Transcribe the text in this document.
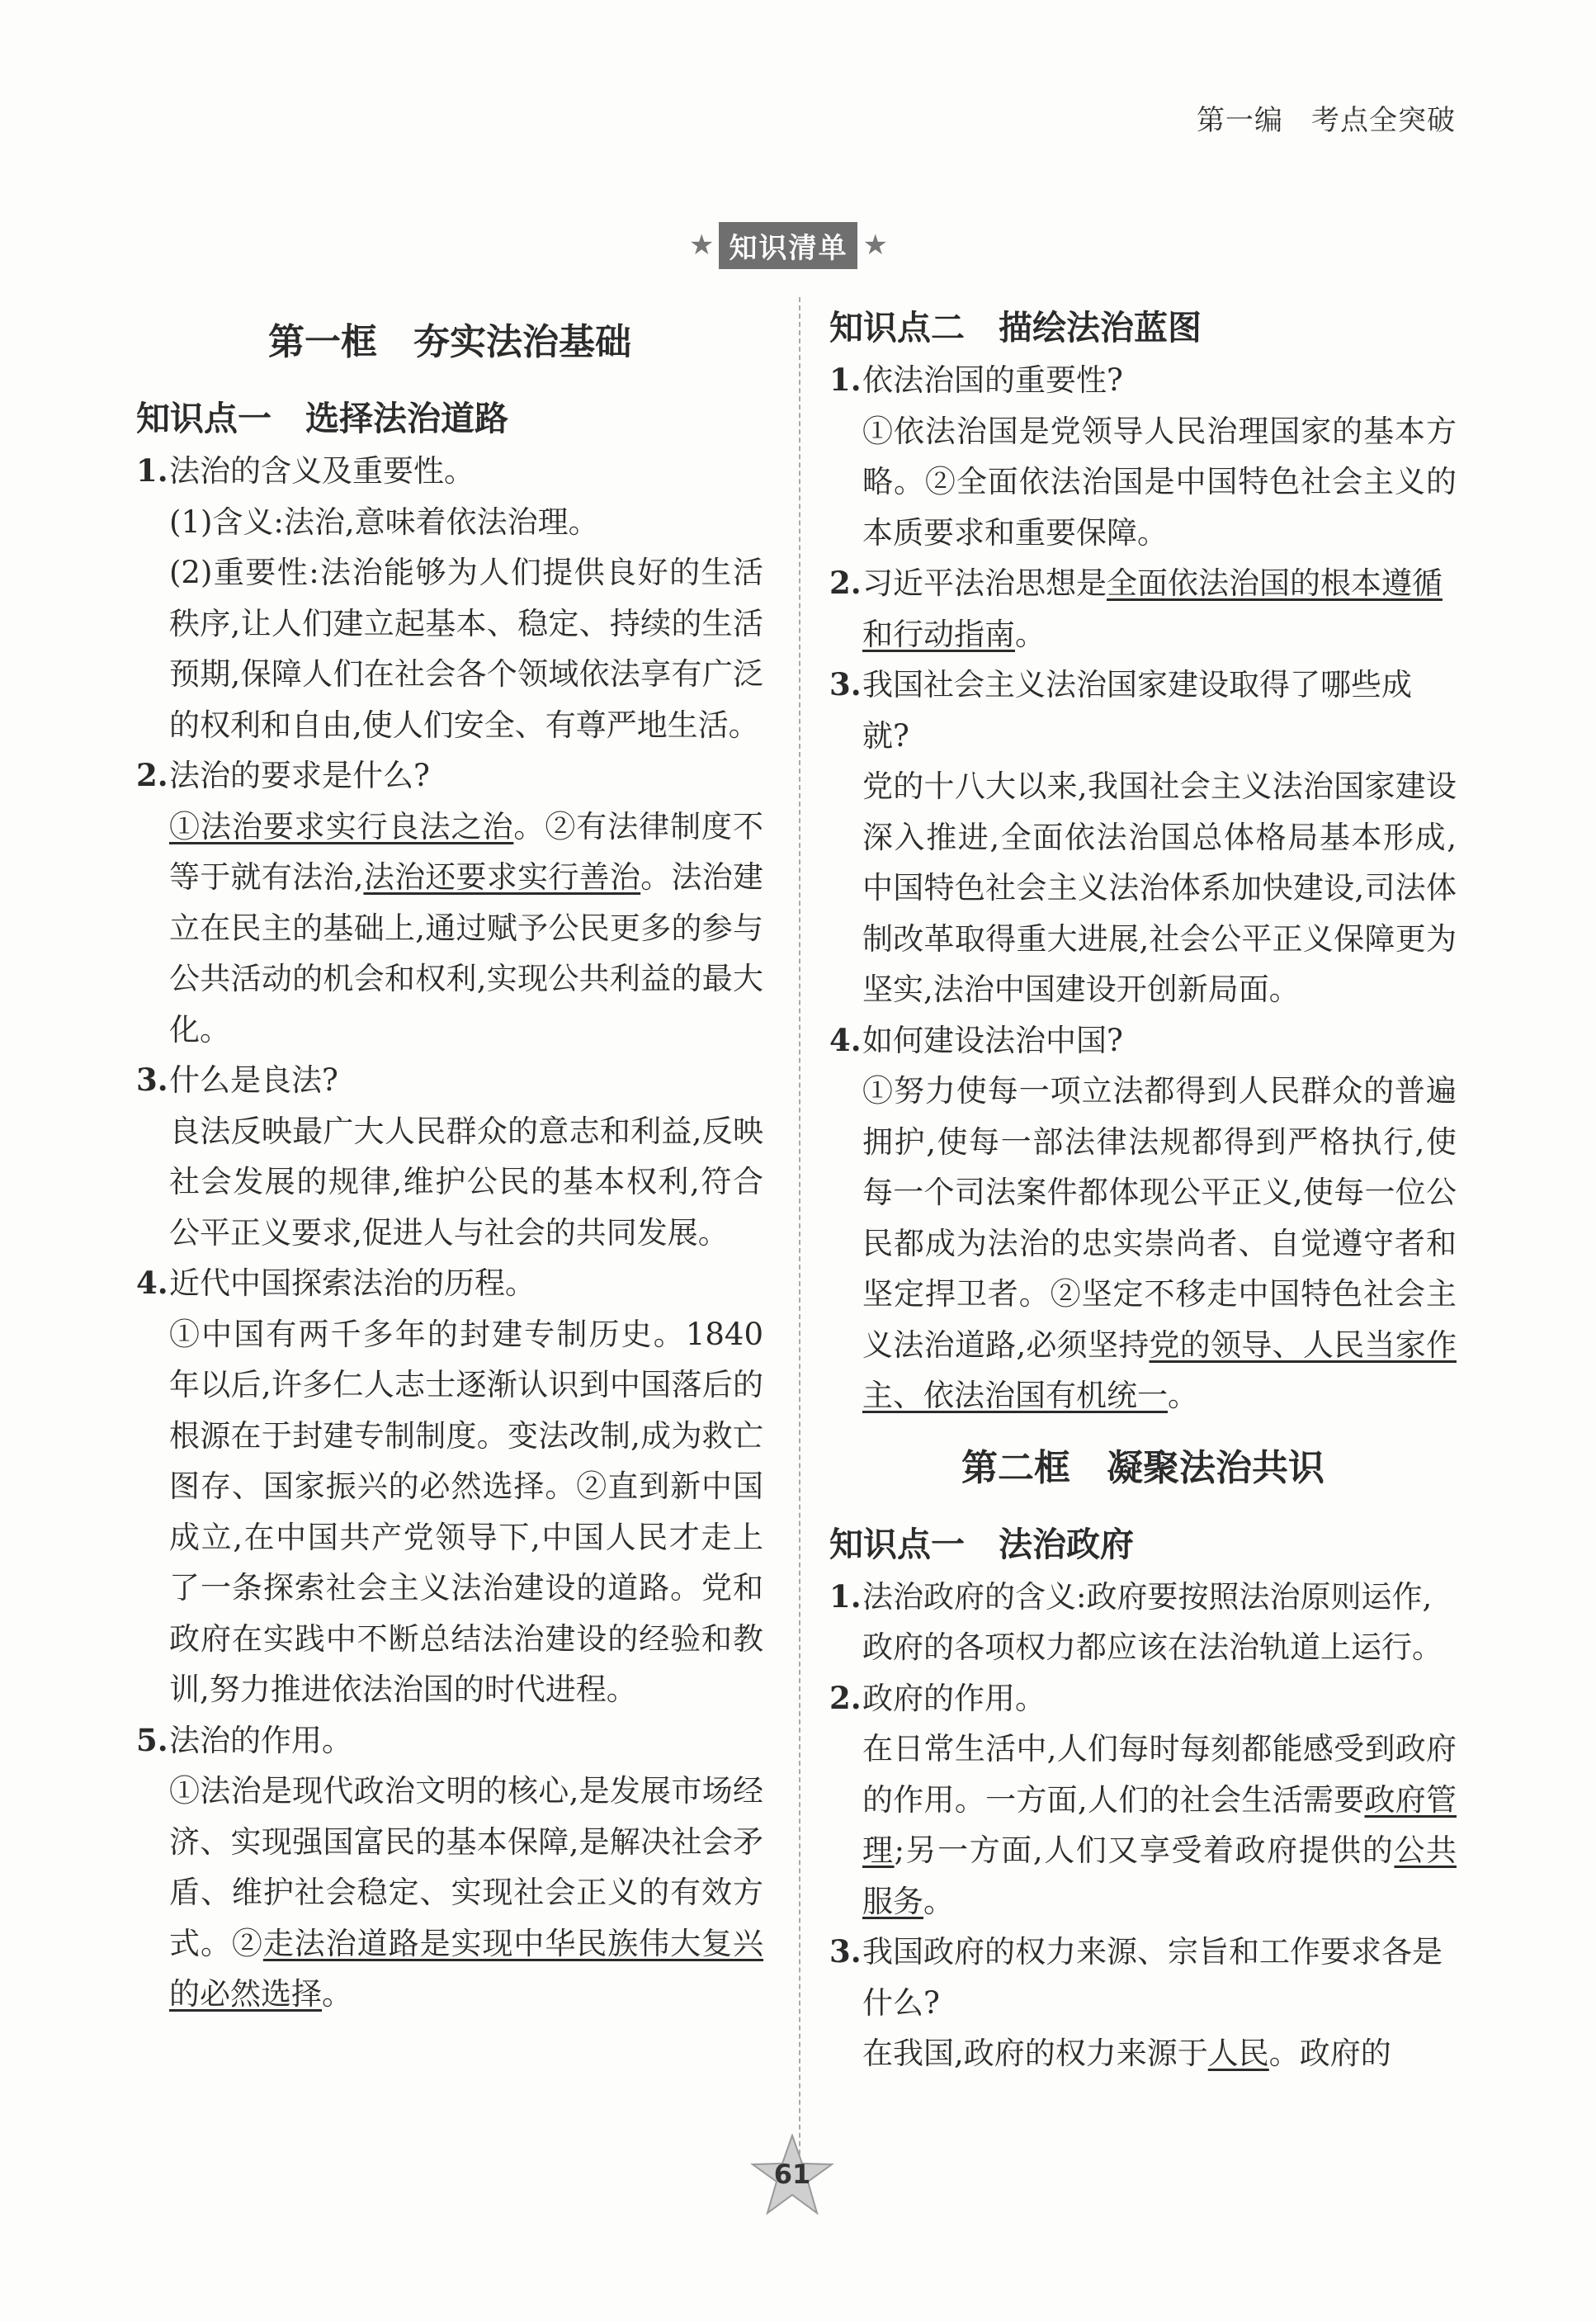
第一编 考点全突破
★ 知识清单 ★
第一框　夯实法治基础
知识点一　选择法治道路
1. 法治的含义及重要性。

(1)含义:法治,意味着依法治理。

(2)重要性:法治能够为人们提供良好的生活秩序,让人们建立起基本、稳定、持续的生活预期,保障人们在社会各个领域依法享有广泛的权利和自由,使人们安全、有尊严地生活。

2. 法治的要求是什么?

①法治要求实行良法之治。②有法律制度不等于就有法治,法治还要求实行善治。法治建立在民主的基础上,通过赋予公民更多的参与公共活动的机会和权利,实现公共利益的最大化。

3. 什么是良法?

良法反映最广大人民群众的意志和利益,反映社会发展的规律,维护公民的基本权利,符合公平正义要求,促进人与社会的共同发展。

4. 近代中国探索法治的历程。

①中国有两千多年的封建专制历史。1840年以后,许多仁人志士逐渐认识到中国落后的根源在于封建专制制度。变法改制,成为救亡图存、国家振兴的必然选择。②直到新中国成立,在中国共产党领导下,中国人民才走上了一条探索社会主义法治建设的道路。党和政府在实践中不断总结法治建设的经验和教训,努力推进依法治国的时代进程。

5. 法治的作用。

①法治是现代政治文明的核心,是发展市场经济、实现强国富民的基本保障,是解决社会矛盾、维护社会稳定、实现社会正义的有效方式。②走法治道路是实现中华民族伟大复兴的必然选择。

知识点二　描绘法治蓝图
1. 依法治国的重要性?

①依法治国是党领导人民治理国家的基本方略。②全面依法治国是中国特色社会主义的本质要求和重要保障。

2. 习近平法治思想是全面依法治国的根本遵循和行动指南。
3. 我国社会主义法治国家建设取得了哪些成就?

党的十八大以来,我国社会主义法治国家建设深入推进,全面依法治国总体格局基本形成,中国特色社会主义法治体系加快建设,司法体制改革取得重大进展,社会公平正义保障更为坚实,法治中国建设开创新局面。

4. 如何建设法治中国?

①努力使每一项立法都得到人民群众的普遍拥护,使每一部法律法规都得到严格执行,使每一个司法案件都体现公平正义,使每一位公民都成为法治的忠实崇尚者、自觉遵守者和坚定捍卫者。②坚定不移走中国特色社会主义法治道路,必须坚持党的领导、人民当家作主、依法治国有机统一。

第二框　凝聚法治共识
知识点一　法治政府
1. 法治政府的含义:政府要按照法治原则运作,政府的各项权力都应该在法治轨道上运行。
2. 政府的作用。

在日常生活中,人们每时每刻都能感受到政府的作用。一方面,人们的社会生活需要政府管理;另一方面,人们又享受着政府提供的公共服务。

3. 我国政府的权力来源、宗旨和工作要求各是什么?

在我国,政府的权力来源于人民。政府的

61
